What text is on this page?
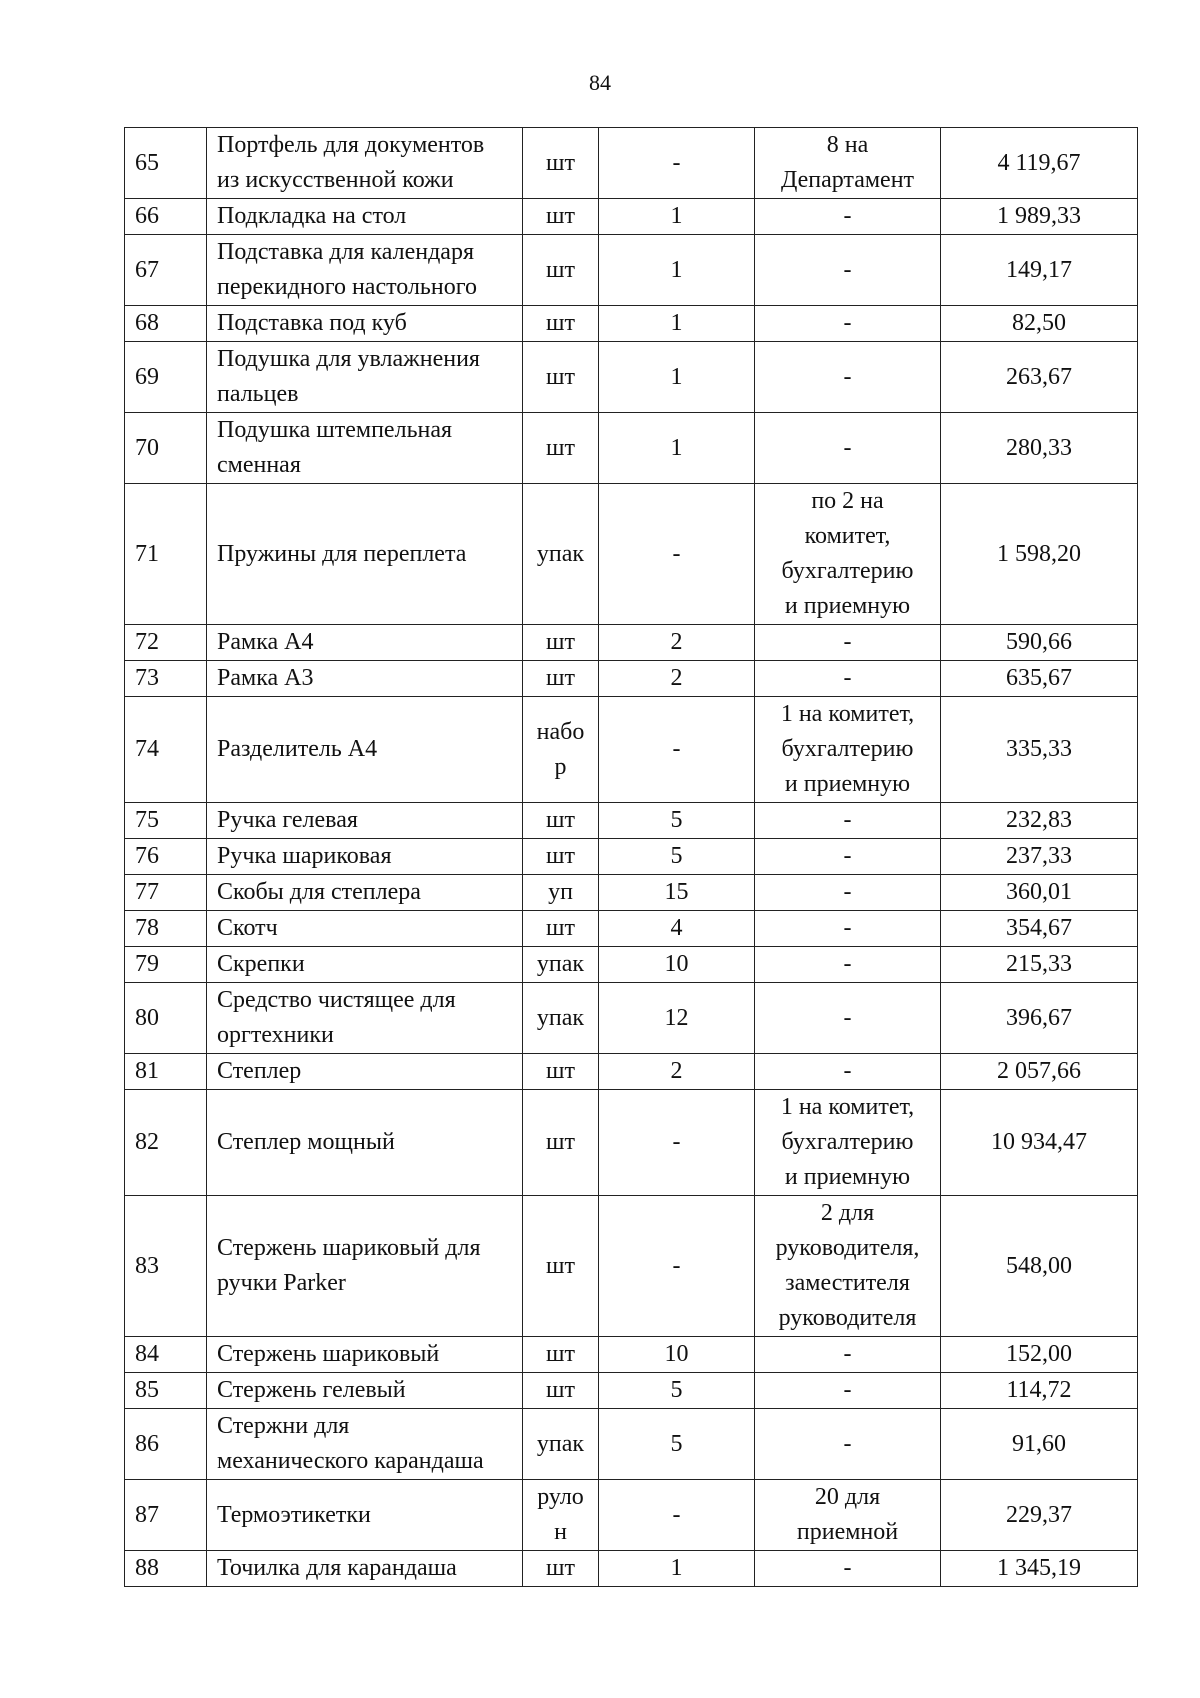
84
65	Портфель для документов
из искусственной кожи	шт	-	8 на
Департамент	4 119,67
66	Подкладка на стол	шт	1	-	1 989,33
67	Подставка для календаря
перекидного настольного	шт	1	-	149,17
68	Подставка под куб	шт	1	-	82,50
69	Подушка для увлажнения
пальцев	шт	1	-	263,67
70	Подушка штемпельная
сменная	шт	1	-	280,33
71	Пружины для переплета	упак	-	по 2 на
комитет,
бухгалтерию
и приемную	1 598,20
72	Рамка А4	шт	2	-	590,66
73	Рамка А3	шт	2	-	635,67
74	Разделитель А4	набо
р	-	1 на комитет,
бухгалтерию
и приемную	335,33
75	Ручка гелевая	шт	5	-	232,83
76	Ручка шариковая	шт	5	-	237,33
77	Скобы для степлера	уп	15	-	360,01
78	Скотч	шт	4	-	354,67
79	Скрепки	упак	10	-	215,33
80	Средство чистящее для
оргтехники	упак	12	-	396,67
81	Степлер	шт	2	-	2 057,66
82	Степлер мощный	шт	-	1 на комитет,
бухгалтерию
и приемную	10 934,47
83	Стержень шариковый для
ручки Parker	шт	-	2 для
руководителя,
заместителя
руководителя	548,00
84	Стержень шариковый	шт	10	-	152,00
85	Стержень гелевый	шт	5	-	114,72
86	Стержни для
механического карандаша	упак	5	-	91,60
87	Термоэтикетки	руло
н	-	20 для
приемной	229,37
88	Точилка для карандаша	шт	1	-	1 345,19
